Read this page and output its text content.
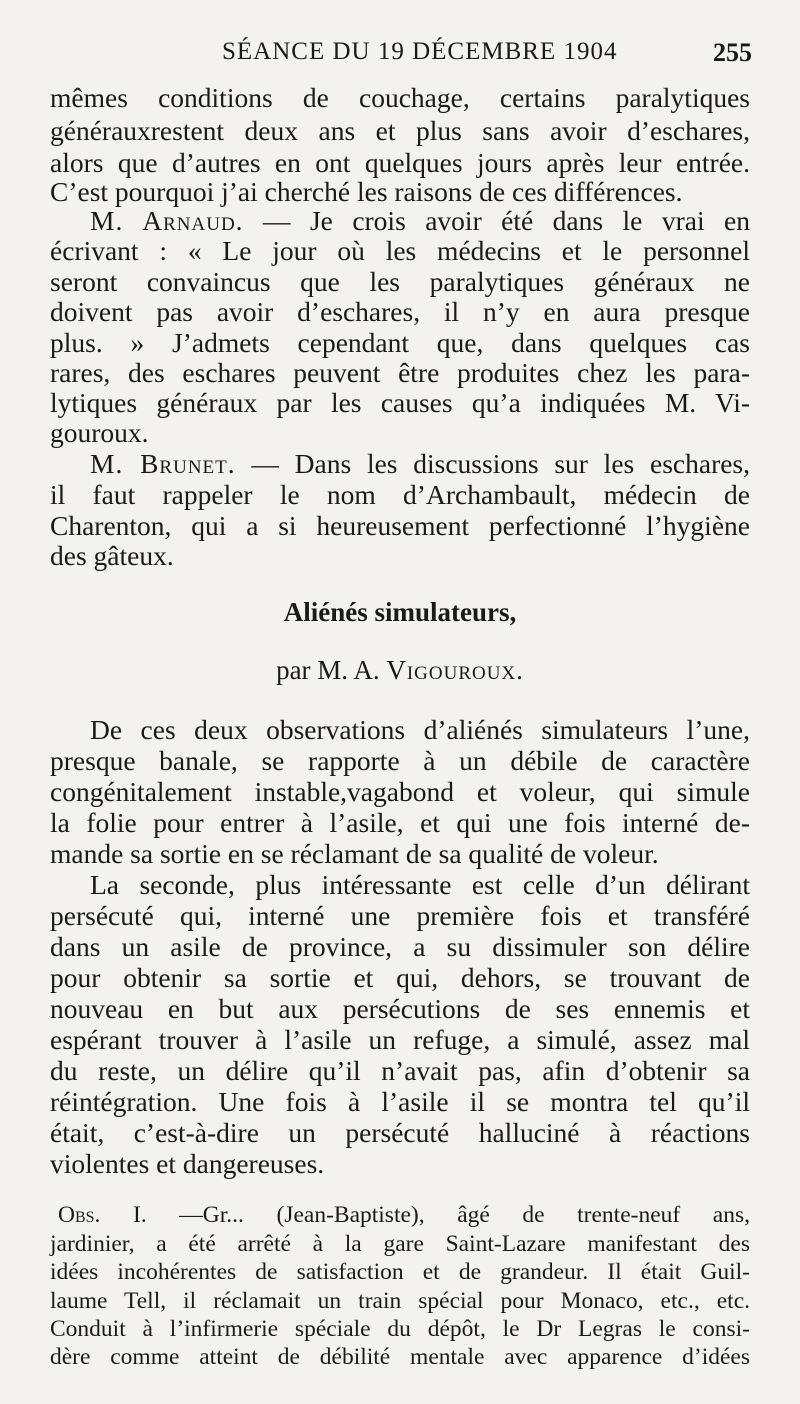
SÉANCE DU 19 DÉCEMBRE 1904	255
mêmes conditions de couchage, certains paralytiques
générauxrestent deux ans et plus sans avoir d’eschares,
alors que d’autres en ont quelques jours après leur entrée.
C’est pourquoi j’ai cherché les raisons de ces différences.
M. Arnaud. — Je crois avoir été dans le vrai en
écrivant : « Le jour où les médecins et le personnel
seront convaincus que les paralytiques généraux ne
doivent pas avoir d’eschares, il n’y en aura presque
plus. » J’admets cependant que, dans quelques cas
rares, des eschares peuvent être produites chez les para-
lytiques généraux par les causes qu’a indiquées M. Vi-
gouroux.
M. Brunet. — Dans les discussions sur les eschares,
il faut rappeler le nom d’Archambault, médecin de
Charenton, qui a si heureusement perfectionné l’hygiène
des gâteux.
Aliénés simulateurs,
par M. A. Vigouroux.
De ces deux observations d’aliénés simulateurs l’une,
presque banale, se rapporte à un débile de caractère
congénitalement instable,vagabond et voleur, qui simule
la folie pour entrer à l’asile, et qui une fois interné de-
mande sa sortie en se réclamant de sa qualité de voleur.
La seconde, plus intéressante est celle d’un délirant
persécuté qui, interné une première fois et transféré
dans un asile de province, a su dissimuler son délire
pour obtenir sa sortie et qui, dehors, se trouvant de
nouveau en but aux persécutions de ses ennemis et
espérant trouver à l’asile un refuge, a simulé, assez mal
du reste, un délire qu’il n’avait pas, afin d’obtenir sa
réintégration. Une fois à l’asile il se montra tel qu’il
était, c’est-à-dire un persécuté halluciné à réactions
violentes et dangereuses.
Obs. I. —Gr... (Jean-Baptiste), âgé de trente-neuf ans,
jardinier, a été arrêté à la gare Saint-Lazare manifestant des
idées incohérentes de satisfaction et de grandeur. Il était Guil-
laume Tell, il réclamait un train spécial pour Monaco, etc., etc.
Conduit à l’infirmerie spéciale du dépôt, le Dr Legras le consi-
dère comme atteint de débilité mentale avec apparence d’idées
